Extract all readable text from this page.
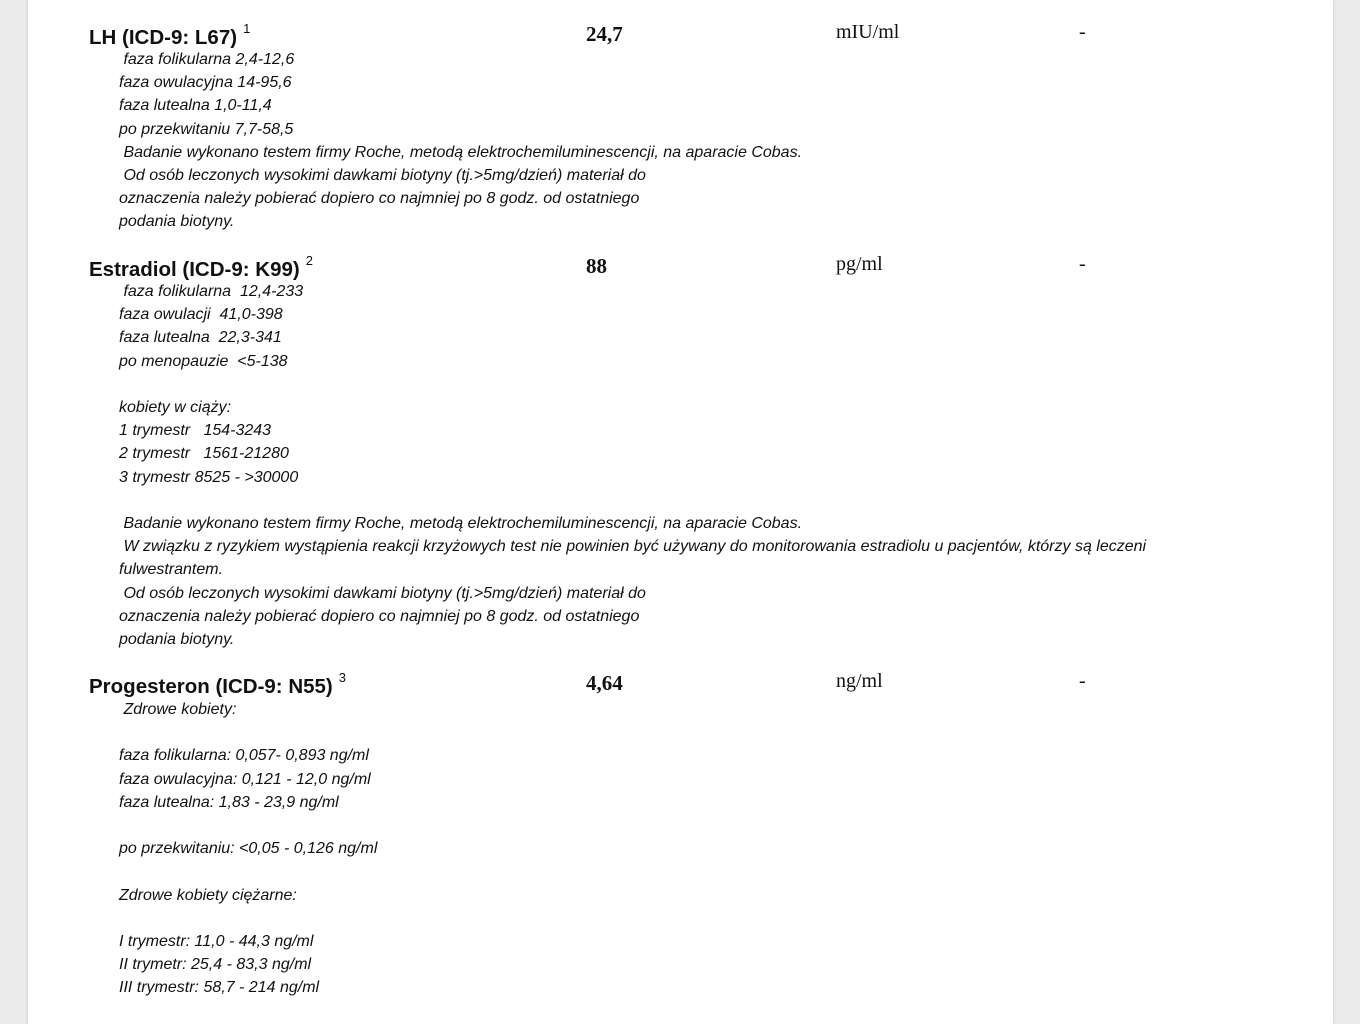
LH (ICD-9: L67) $^1$	24,7	mIU/ml	-
faza folikularna 2,4-12,6
faza owulacyjna 14-95,6
faza lutealna 1,0-11,4
po przekwitaniu 7,7-58,5
Badanie wykonano testem firmy Roche, metodą elektrochemiluminescencji, na aparacie Cobas.
Od osób leczonych wysokimi dawkami biotyny (tj.>5mg/dzień) materiał do
oznaczenia należy pobierać dopiero co najmniej po 8 godz. od ostatniego
podania biotyny.
Estradiol (ICD-9: K99) $^2$	88	pg/ml	-
faza folikularna  12,4-233
faza owulacji  41,0-398
faza lutealna  22,3-341
po menopauzie  <5-138
kobiety w ciąży:
1 trymestr   154-3243
2 trymestr   1561-21280
3 trymestr 8525 - >30000
Badanie wykonano testem firmy Roche, metodą elektrochemiluminescencji, na aparacie Cobas.
W związku z ryzykiem wystąpienia reakcji krzyżowych test nie powinien być używany do monitorowania estradiolu u pacjentów, którzy są leczeni
fulwestrantem.
Od osób leczonych wysokimi dawkami biotyny (tj.>5mg/dzień) materiał do
oznaczenia należy pobierać dopiero co najmniej po 8 godz. od ostatniego
podania biotyny.
Progesteron (ICD-9: N55) $^3$	4,64	ng/ml	-
Zdrowe kobiety:
faza folikularna: 0,057- 0,893 ng/ml
faza owulacyjna: 0,121 - 12,0 ng/ml
faza lutealna: 1,83 - 23,9 ng/ml
po przekwitaniu: <0,05 - 0,126 ng/ml
Zdrowe kobiety ciężarne:
I trymestr: 11,0 - 44,3 ng/ml
II trymetr: 25,4 - 83,3 ng/ml
III trymestr: 58,7 - 214 ng/ml
